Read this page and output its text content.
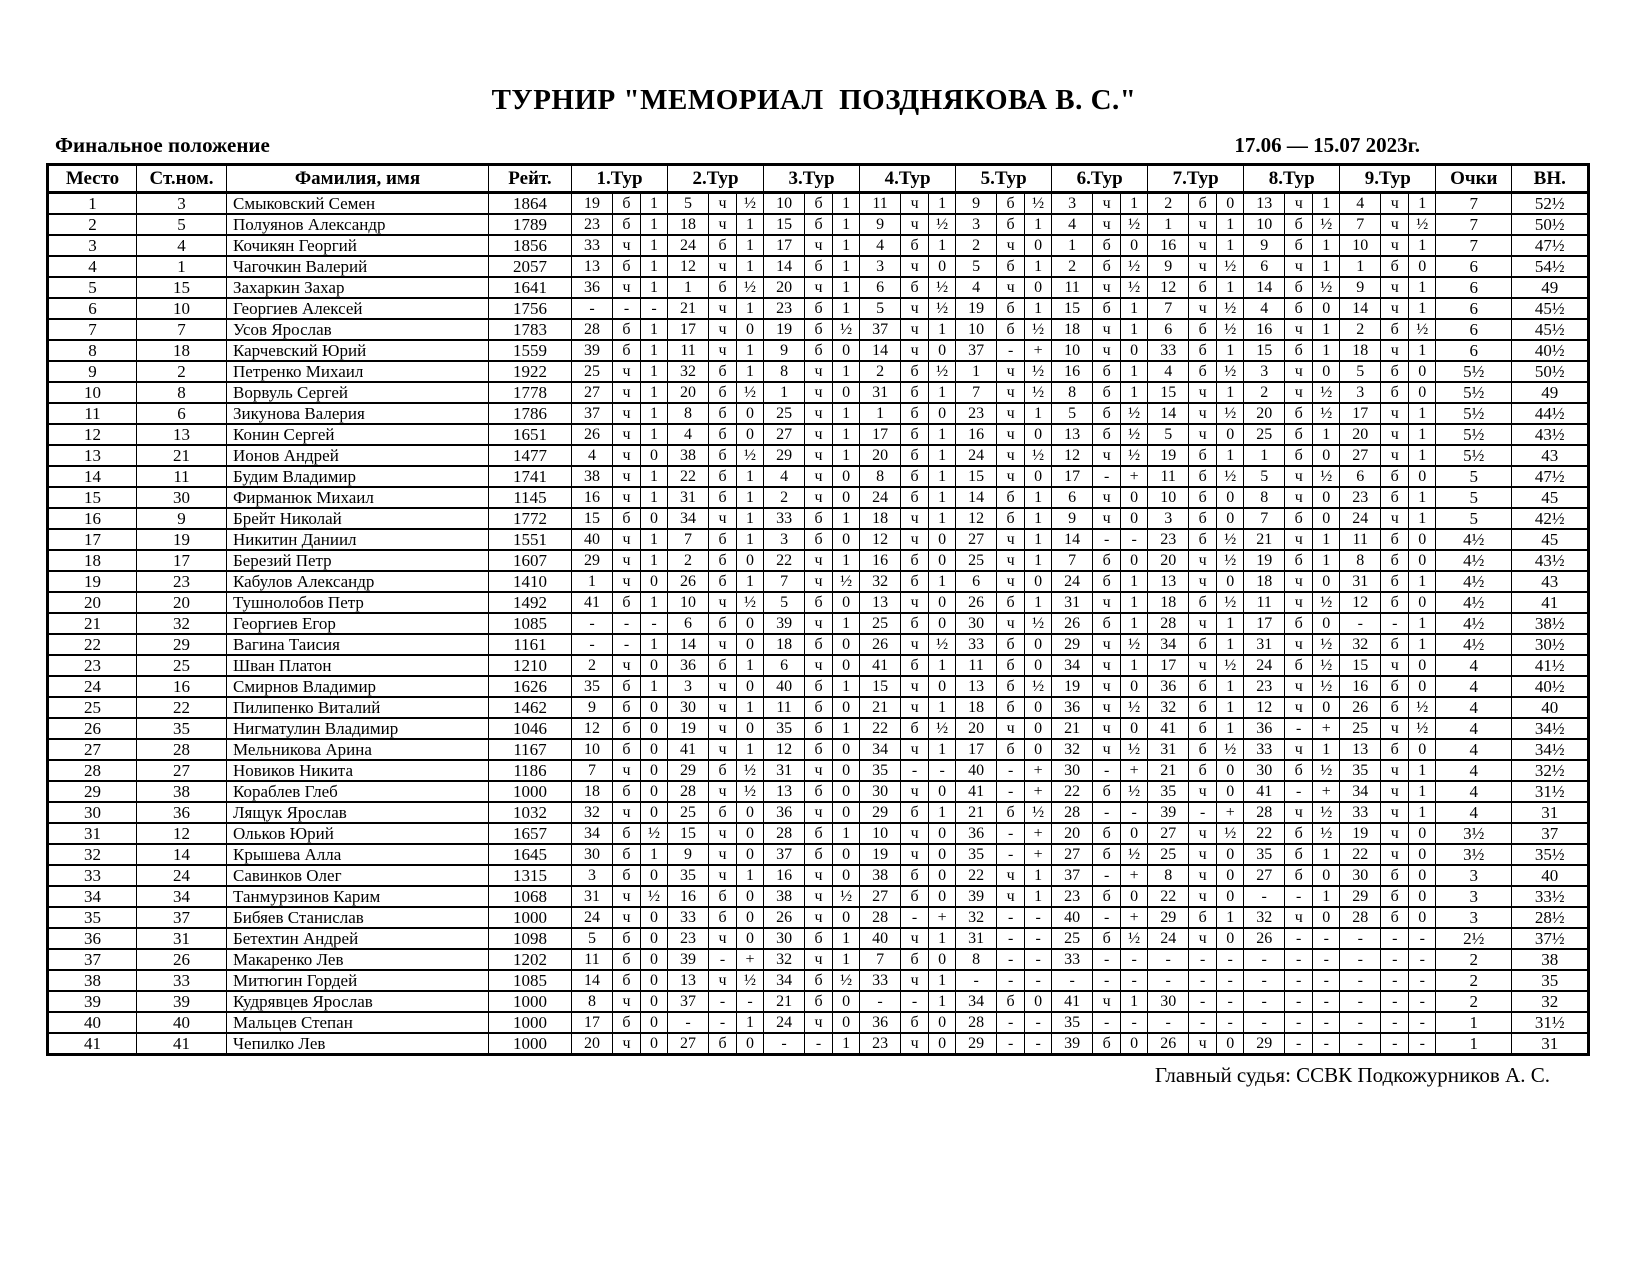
ТУРНИР "МЕМОРИАЛ  ПОЗДНЯКОВА В. С."
Финальное положение	17.06 — 15.07 2023г.
Место	Ст.ном.	Фамилия, имя	Рейт.	1.Тур			2.Тур			3.Тур			4.Тур			5.Тур			6.Тур			7.Тур			8.Тур			9.Тур			Очки	ВН.
1	3	Смыковский Семен	1864	19	б	1	5	ч	½	10	б	1	11	ч	1	9	б	½	3	ч	1	2	б	0	13	ч	1	4	ч	1	7	52½
2	5	Полуянов Александр	1789	23	б	1	18	ч	1	15	б	1	9	ч	½	3	б	1	4	ч	½	1	ч	1	10	б	½	7	ч	½	7	50½
3	4	Кочикян Георгий	1856	33	ч	1	24	б	1	17	ч	1	4	б	1	2	ч	0	1	б	0	16	ч	1	9	б	1	10	ч	1	7	47½
4	1	Чагочкин Валерий	2057	13	б	1	12	ч	1	14	б	1	3	ч	0	5	б	1	2	б	½	9	ч	½	6	ч	1	1	б	0	6	54½
5	15	Захаркин Захар	1641	36	ч	1	1	б	½	20	ч	1	6	б	½	4	ч	0	11	ч	½	12	б	1	14	б	½	9	ч	1	6	49
6	10	Георгиев Алексей	1756	-	-	-	21	ч	1	23	б	1	5	ч	½	19	б	1	15	б	1	7	ч	½	4	б	0	14	ч	1	6	45½
7	7	Усов Ярослав	1783	28	б	1	17	ч	0	19	б	½	37	ч	1	10	б	½	18	ч	1	6	б	½	16	ч	1	2	б	½	6	45½
8	18	Карчевский Юрий	1559	39	б	1	11	ч	1	9	б	0	14	ч	0	37	-	+	10	ч	0	33	б	1	15	б	1	18	ч	1	6	40½
9	2	Петренко Михаил	1922	25	ч	1	32	б	1	8	ч	1	2	б	½	1	ч	½	16	б	1	4	б	½	3	ч	0	5	б	0	5½	50½
10	8	Ворвуль Сергей	1778	27	ч	1	20	б	½	1	ч	0	31	б	1	7	ч	½	8	б	1	15	ч	1	2	ч	½	3	б	0	5½	49
11	6	Зикунова Валерия	1786	37	ч	1	8	б	0	25	ч	1	1	б	0	23	ч	1	5	б	½	14	ч	½	20	б	½	17	ч	1	5½	44½
12	13	Конин Сергей	1651	26	ч	1	4	б	0	27	ч	1	17	б	1	16	ч	0	13	б	½	5	ч	0	25	б	1	20	ч	1	5½	43½
13	21	Ионов Андрей	1477	4	ч	0	38	б	½	29	ч	1	20	б	1	24	ч	½	12	ч	½	19	б	1	1	б	0	27	ч	1	5½	43
14	11	Будим Владимир	1741	38	ч	1	22	б	1	4	ч	0	8	б	1	15	ч	0	17	-	+	11	б	½	5	ч	½	6	б	0	5	47½
15	30	Фирманюк Михаил	1145	16	ч	1	31	б	1	2	ч	0	24	б	1	14	б	1	6	ч	0	10	б	0	8	ч	0	23	б	1	5	45
16	9	Брейт Николай	1772	15	б	0	34	ч	1	33	б	1	18	ч	1	12	б	1	9	ч	0	3	б	0	7	б	0	24	ч	1	5	42½
17	19	Никитин Даниил	1551	40	ч	1	7	б	1	3	б	0	12	ч	0	27	ч	1	14	-	-	23	б	½	21	ч	1	11	б	0	4½	45
18	17	Березий Петр	1607	29	ч	1	2	б	0	22	ч	1	16	б	0	25	ч	1	7	б	0	20	ч	½	19	б	1	8	б	0	4½	43½
19	23	Кабулов Александр	1410	1	ч	0	26	б	1	7	ч	½	32	б	1	6	ч	0	24	б	1	13	ч	0	18	ч	0	31	б	1	4½	43
20	20	Тушнолобов Петр	1492	41	б	1	10	ч	½	5	б	0	13	ч	0	26	б	1	31	ч	1	18	б	½	11	ч	½	12	б	0	4½	41
21	32	Георгиев Егор	1085	-	-	-	6	б	0	39	ч	1	25	б	0	30	ч	½	26	б	1	28	ч	1	17	б	0	-	-	1	4½	38½
22	29	Вагина Таисия	1161	-	-	1	14	ч	0	18	б	0	26	ч	½	33	б	0	29	ч	½	34	б	1	31	ч	½	32	б	1	4½	30½
23	25	Шван Платон	1210	2	ч	0	36	б	1	6	ч	0	41	б	1	11	б	0	34	ч	1	17	ч	½	24	б	½	15	ч	0	4	41½
24	16	Смирнов Владимир	1626	35	б	1	3	ч	0	40	б	1	15	ч	0	13	б	½	19	ч	0	36	б	1	23	ч	½	16	б	0	4	40½
25	22	Пилипенко Виталий	1462	9	б	0	30	ч	1	11	б	0	21	ч	1	18	б	0	36	ч	½	32	б	1	12	ч	0	26	б	½	4	40
26	35	Нигматулин Владимир	1046	12	б	0	19	ч	0	35	б	1	22	б	½	20	ч	0	21	ч	0	41	б	1	36	-	+	25	ч	½	4	34½
27	28	Мельникова Арина	1167	10	б	0	41	ч	1	12	б	0	34	ч	1	17	б	0	32	ч	½	31	б	½	33	ч	1	13	б	0	4	34½
28	27	Новиков Никита	1186	7	ч	0	29	б	½	31	ч	0	35	-	-	40	-	+	30	-	+	21	б	0	30	б	½	35	ч	1	4	32½
29	38	Кораблев Глеб	1000	18	б	0	28	ч	½	13	б	0	30	ч	0	41	-	+	22	б	½	35	ч	0	41	-	+	34	ч	1	4	31½
30	36	Лящук Ярослав	1032	32	ч	0	25	б	0	36	ч	0	29	б	1	21	б	½	28	-	-	39	-	+	28	ч	½	33	ч	1	4	31
31	12	Ольков Юрий	1657	34	б	½	15	ч	0	28	б	1	10	ч	0	36	-	+	20	б	0	27	ч	½	22	б	½	19	ч	0	3½	37
32	14	Крышева Алла	1645	30	б	1	9	ч	0	37	б	0	19	ч	0	35	-	+	27	б	½	25	ч	0	35	б	1	22	ч	0	3½	35½
33	24	Савинков Олег	1315	3	б	0	35	ч	1	16	ч	0	38	б	0	22	ч	1	37	-	+	8	ч	0	27	б	0	30	б	0	3	40
34	34	Танмурзинов Карим	1068	31	ч	½	16	б	0	38	ч	½	27	б	0	39	ч	1	23	б	0	22	ч	0	-	-	1	29	б	0	3	33½
35	37	Бибяев Станислав	1000	24	ч	0	33	б	0	26	ч	0	28	-	+	32	-	-	40	-	+	29	б	1	32	ч	0	28	б	0	3	28½
36	31	Бетехтин Андрей	1098	5	б	0	23	ч	0	30	б	1	40	ч	1	31	-	-	25	б	½	24	ч	0	26	-	-	-	-	-	2½	37½
37	26	Макаренко Лев	1202	11	б	0	39	-	+	32	ч	1	7	б	0	8	-	-	33	-	-	-	-	-	-	-	-	-	-	-	2	38
38	33	Митюгин Гордей	1085	14	б	0	13	ч	½	34	б	½	33	ч	1	-	-	-	-	-	-	-	-	-	-	-	-	-	-	-	2	35
39	39	Кудрявцев Ярослав	1000	8	ч	0	37	-	-	21	б	0	-	-	1	34	б	0	41	ч	1	30	-	-	-	-	-	-	-	-	2	32
40	40	Мальцев Степан	1000	17	б	0	-	-	1	24	ч	0	36	б	0	28	-	-	35	-	-	-	-	-	-	-	-	-	-	-	1	31½
41	41	Чепилко Лев	1000	20	ч	0	27	б	0	-	-	1	23	ч	0	29	-	-	39	б	0	26	ч	0	29	-	-	-	-	-	1	31
Главный судья: ССВК Подкожурников А. С.
